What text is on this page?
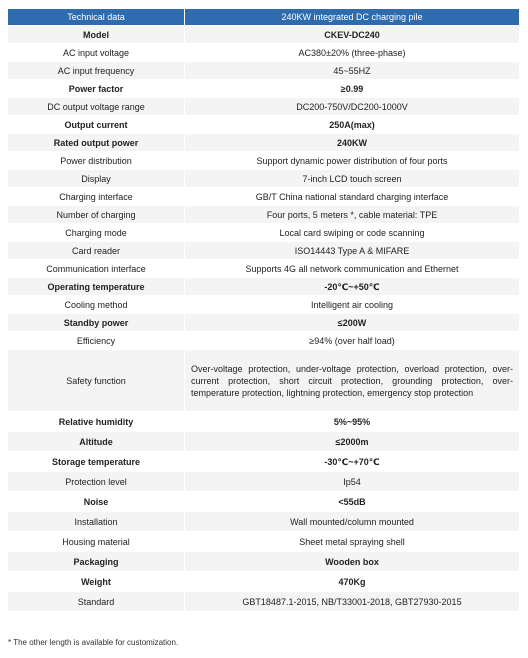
Technical data	240KW integrated DC charging pile
Model	CKEV-DC240
AC input voltage	AC380±20% (three-phase)
AC input frequency	45~55HZ
Power factor	≥0.99
DC output voltage range	DC200-750V/DC200-1000V
Output current	250A(max)
Rated output power	240KW
Power distribution	Support dynamic power distribution of four ports
Display	7-inch LCD touch screen
Charging interface	GB/T China national standard charging interface
Number of charging	Four ports, 5 meters *, cable material: TPE
Charging mode	Local card swiping or code scanning
Card reader	ISO14443 Type A & MIFARE
Communication interface	Supports 4G all network communication and Ethernet
Operating temperature	-20℃~+50℃
Cooling method	Intelligent air cooling
Standby power	≤200W
Efficiency	≥94% (over half load)
Safety function	Over-voltage protection, under-voltage protection, overload protection, over-current protection, short circuit protection, grounding protection, over-temperature protection, lightning protection, emergency stop protection
Relative humidity	5%~95%
Altitude	≤2000m
Storage temperature	-30℃~+70℃
Protection level	Ip54
Noise	<55dB
Installation	Wall mounted/column mounted
Housing material	Sheet metal spraying shell
Packaging	Wooden box
Weight	470Kg
Standard	GBT18487.1-2015, NB/T33001-2018, GBT27930-2015
* The other length is available for customization.
